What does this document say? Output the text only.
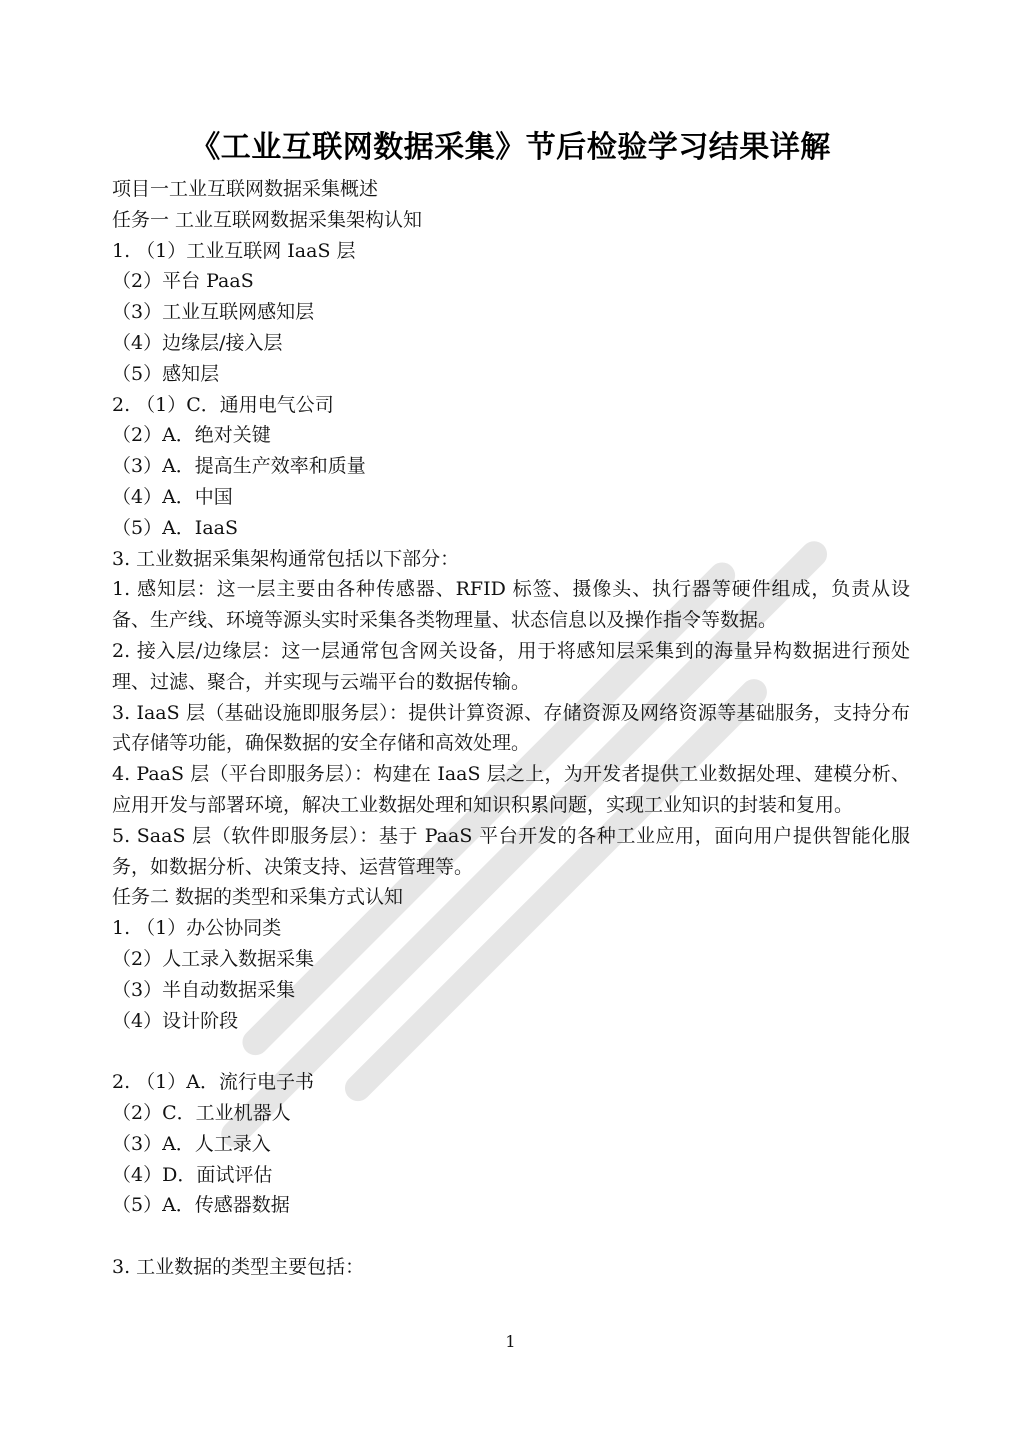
《工业互联网数据采集》节后检验学习结果详解

项目一工业互联网数据采集概述

任务一 工业互联网数据采集架构认知

1. （1）工业互联网 IaaS 层

（2）平台 PaaS

（3）工业互联网感知层

（4）边缘层/接入层

（5）感知层

2. （1）C．通用电气公司

（2）A．绝对关键

（3）A．提高生产效率和质量

（4）A．中国

（5）A．IaaS

3. 工业数据采集架构通常包括以下部分：

1. 感知层：这一层主要由各种传感器、RFID 标签、摄像头、执行器等硬件组成，负责从设备、生产线、环境等源头实时采集各类物理量、状态信息以及操作指令等数据。

2. 接入层/边缘层：这一层通常包含网关设备，用于将感知层采集到的海量异构数据进行预处理、过滤、聚合，并实现与云端平台的数据传输。

3. IaaS 层（基础设施即服务层）：提供计算资源、存储资源及网络资源等基础服务，支持分布式存储等功能，确保数据的安全存储和高效处理。

4. PaaS 层（平台即服务层）：构建在 IaaS 层之上，为开发者提供工业数据处理、建模分析、应用开发与部署环境，解决工业数据处理和知识积累问题，实现工业知识的封装和复用。

5. SaaS 层（软件即服务层）：基于 PaaS 平台开发的各种工业应用，面向用户提供智能化服务，如数据分析、决策支持、运营管理等。

任务二 数据的类型和采集方式认知

1. （1）办公协同类

（2）人工录入数据采集

（3）半自动数据采集

（4）设计阶段

2. （1）A．流行电子书

（2）C．工业机器人

（3）A．人工录入

（4）D．面试评估

（5）A．传感器数据

3. 工业数据的类型主要包括：

1
